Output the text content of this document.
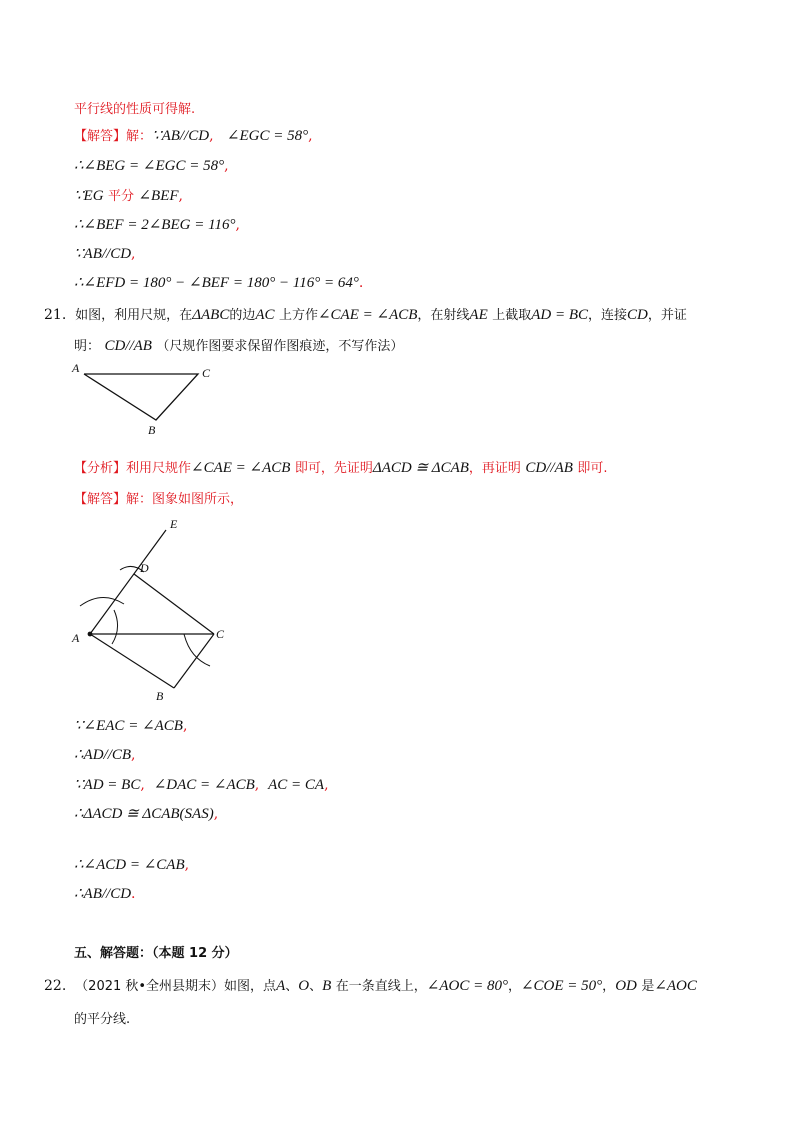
平行线的性质可得解.
【解答】解：∵AB//CD, ∠EGC = 58°,
∴∠BEG = ∠EGC = 58°,
∵EG 平分 ∠BEF,
∴∠BEF = 2∠BEG = 116°,
∵AB//CD,
∴∠EFD = 180° − ∠BEF = 180° − 116° = 64°.
21. 如图，利用尺规，在ΔABC的边AC 上方作∠CAE = ∠ACB，在射线AE 上截取AD = BC，连接CD，并证
明： CD//AB （尺规作图要求保留作图痕迹，不写作法）
A	C
B
【分析】利用尺规作∠CAE = ∠ACB 即可，先证明ΔACD ≅ ΔCAB，再证明 CD//AB 即可.
【解答】解：图象如图所示，
E
D
A	C
B
∵∠EAC = ∠ACB,
∴AD//CB,
∵AD = BC, ∠DAC = ∠ACB, AC = CA,
∴ΔACD ≅ ΔCAB(SAS),
∴∠ACD = ∠CAB,
∴AB//CD.
五、解答题：（本题 12 分）
22. （2021 秋•全州县期末）如图，点A、O、B 在一条直线上，∠AOC = 80°，∠COE = 50°，OD 是∠AOC
的平分线.
